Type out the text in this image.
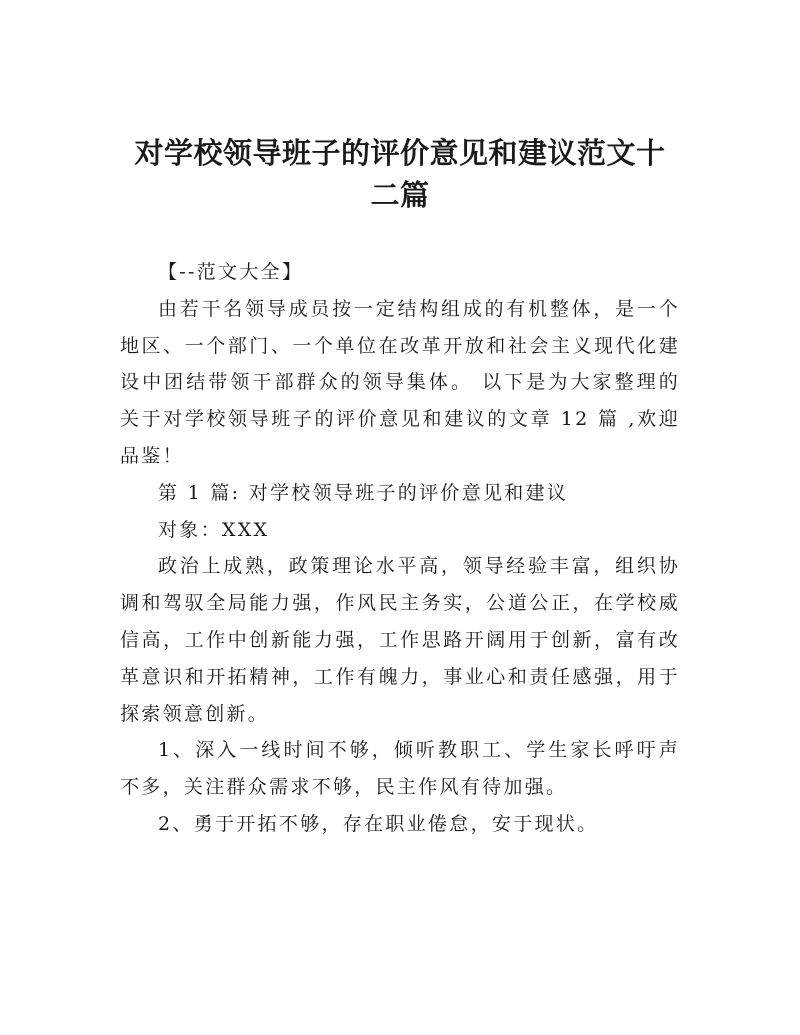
对学校领导班子的评价意见和建议范文十二篇

【--范文大全】

由若干名领导成员按一定结构组成的有机整体，是一个地区、一个部门、一个单位在改革开放和社会主义现代化建设中团结带领干部群众的领导集体。 以下是为大家整理的关于对学校领导班子的评价意见和建议的文章 12 篇 ,欢迎品鉴！

第 1 篇: 对学校领导班子的评价意见和建议

对象：XXX

政治上成熟，政策理论水平高，领导经验丰富，组织协调和驾驭全局能力强，作风民主务实，公道公正，在学校威信高，工作中创新能力强，工作思路开阔用于创新，富有改革意识和开拓精神，工作有魄力，事业心和责任感强，用于探索领意创新。

1、深入一线时间不够，倾听教职工、学生家长呼吁声不多，关注群众需求不够，民主作风有待加强。

2、勇于开拓不够，存在职业倦怠，安于现状。
